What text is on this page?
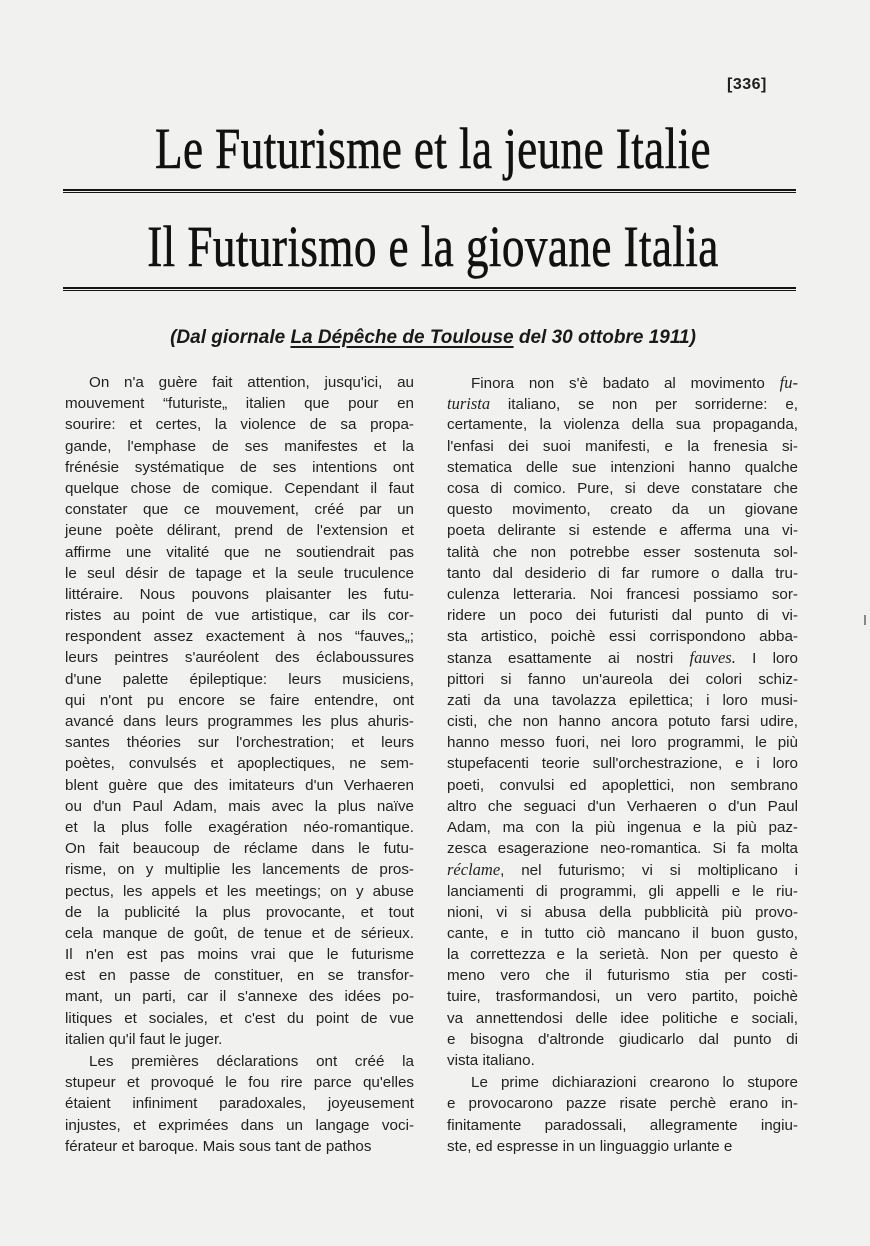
[336]
Le Futurisme et la jeune Italie
Il Futurismo e la giovane Italia
(Dal giornale La Dépêche de Toulouse del 30 ottobre 1911)
On n'a guère fait attention, jusqu'ici, au
mouvement “futuriste„ italien que pour en
sourire: et certes, la violence de sa propa-
gande, l'emphase de ses manifestes et la
frénésie systématique de ses intentions ont
quelque chose de comique. Cependant il faut
constater que ce mouvement, créé par un
jeune poète délirant, prend de l'extension et
affirme une vitalité que ne soutiendrait pas
le seul désir de tapage et la seule truculence
littéraire. Nous pouvons plaisanter les futu-
ristes au point de vue artistique, car ils cor-
respondent assez exactement à nos “fauves„;
leurs peintres s'auréolent des éclaboussures
d'une palette épileptique: leurs musiciens,
qui n'ont pu encore se faire entendre, ont
avancé dans leurs programmes les plus ahuris-
santes théories sur l'orchestration; et leurs
poètes, convulsés et apoplectiques, ne sem-
blent guère que des imitateurs d'un Verhaeren
ou d'un Paul Adam, mais avec la plus naïve
et la plus folle exagération néo-romantique.
On fait beaucoup de réclame dans le futu-
risme, on y multiplie les lancements de pros-
pectus, les appels et les meetings; on y abuse
de la publicité la plus provocante, et tout
cela manque de goût, de tenue et de sérieux.
Il n'en est pas moins vrai que le futurisme
est en passe de constituer, en se transfor-
mant, un parti, car il s'annexe des idées po-
litiques et sociales, et c'est du point de vue
italien qu'il faut le juger.
Les premières déclarations ont créé la
stupeur et provoqué le fou rire parce qu'elles
étaient infiniment paradoxales, joyeusement
injustes, et exprimées dans un langage voci-
férateur et baroque. Mais sous tant de pathos
Finora non s'è badato al movimento fu-
turista italiano, se non per sorriderne: e,
certamente, la violenza della sua propaganda,
l'enfasi dei suoi manifesti, e la frenesia si-
stematica delle sue intenzioni hanno qualche
cosa di comico. Pure, si deve constatare che
questo movimento, creato da un giovane
poeta delirante si estende e afferma una vi-
talità che non potrebbe esser sostenuta sol-
tanto dal desiderio di far rumore o dalla tru-
culenza letteraria. Noi francesi possiamo sor-
ridere un poco dei futuristi dal punto di vi-
sta artistico, poichè essi corrispondono abba-
stanza esattamente ai nostri fauves. I loro
pittori si fanno un'aureola dei colori schiz-
zati da una tavolazza epilettica; i loro musi-
cisti, che non hanno ancora potuto farsi udire,
hanno messo fuori, nei loro programmi, le più
stupefacenti teorie sull'orchestrazione, e i loro
poeti, convulsi ed apoplettici, non sembrano
altro che seguaci d'un Verhaeren o d'un Paul
Adam, ma con la più ingenua e la più paz-
zesca esagerazione neo-romantica. Si fa molta
réclame, nel futurismo; vi si moltiplicano i
lanciamenti di programmi, gli appelli e le riu-
nioni, vi si abusa della pubblicità più provo-
cante, e in tutto ciò mancano il buon gusto,
la correttezza e la serietà. Non per questo è
meno vero che il futurismo stia per costi-
tuire, trasformandosi, un vero partito, poichè
va annettendosi delle idee politiche e sociali,
e bisogna d'altronde giudicarlo dal punto di
vista italiano.
Le prime dichiarazioni crearono lo stupore
e provocarono pazze risate perchè erano in-
finitamente paradossali, allegramente ingiu-
ste, ed espresse in un linguaggio urlante e
